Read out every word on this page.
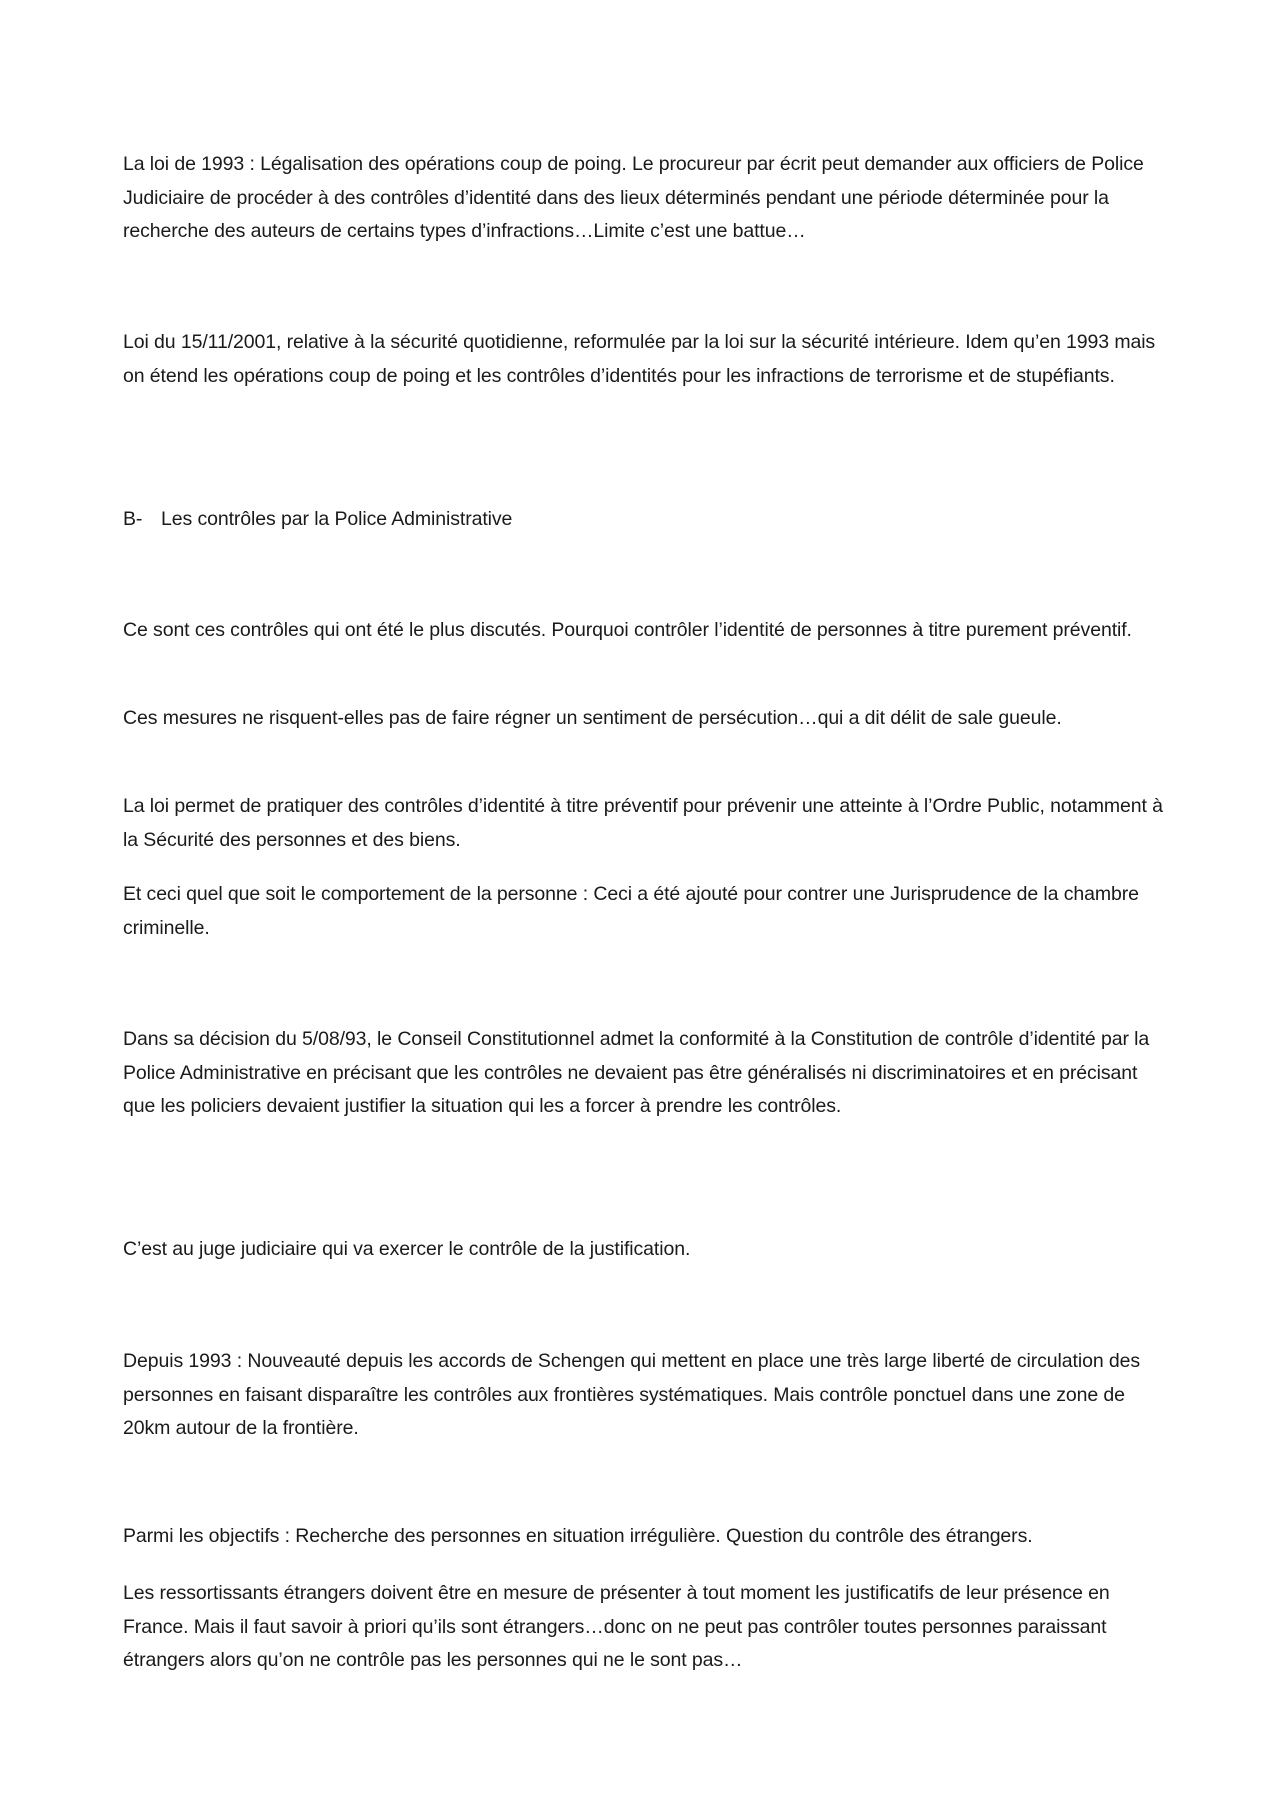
La loi de 1993 : Légalisation des opérations coup de poing. Le procureur par écrit peut demander aux officiers de Police Judiciaire de procéder à des contrôles d’identité dans des lieux déterminés pendant une période déterminée pour la recherche des auteurs de certains types d’infractions…Limite c’est une battue…

Loi du 15/11/2001, relative à la sécurité quotidienne, reformulée par la loi sur la sécurité intérieure. Idem qu’en 1993 mais on étend les opérations coup de poing et les contrôles d’identités pour les infractions de terrorisme et de stupéfiants.

B- Les contrôles par la Police Administrative

Ce sont ces contrôles qui ont été le plus discutés. Pourquoi contrôler l’identité de personnes à titre purement préventif.

Ces mesures ne risquent-elles pas de faire régner un sentiment de persécution…qui a dit délit de sale gueule.

La loi permet de pratiquer des contrôles d’identité à titre préventif pour prévenir une atteinte à l’Ordre Public, notamment à la Sécurité des personnes et des biens.

Et ceci quel que soit le comportement de la personne : Ceci a été ajouté pour contrer une Jurisprudence de la chambre criminelle.

Dans sa décision du 5/08/93, le Conseil Constitutionnel admet la conformité à la Constitution de contrôle d’identité par la Police Administrative en précisant que les contrôles ne devaient pas être généralisés ni discriminatoires et en précisant que les policiers devaient justifier la situation qui les a forcer à prendre les contrôles.

C’est au juge judiciaire qui va exercer le contrôle de la justification.

Depuis 1993 : Nouveauté depuis les accords de Schengen qui mettent en place une très large liberté de circulation des personnes en faisant disparaître les contrôles aux frontières systématiques. Mais contrôle ponctuel dans une zone de 20km autour de la frontière.

Parmi les objectifs : Recherche des personnes en situation irrégulière. Question du contrôle des étrangers.

Les ressortissants étrangers doivent être en mesure de présenter à tout moment les justificatifs de leur présence en France. Mais il faut savoir à priori qu’ils sont étrangers…donc on ne peut pas contrôler toutes personnes paraissant étrangers alors qu’on ne contrôle pas les personnes qui ne le sont pas…
